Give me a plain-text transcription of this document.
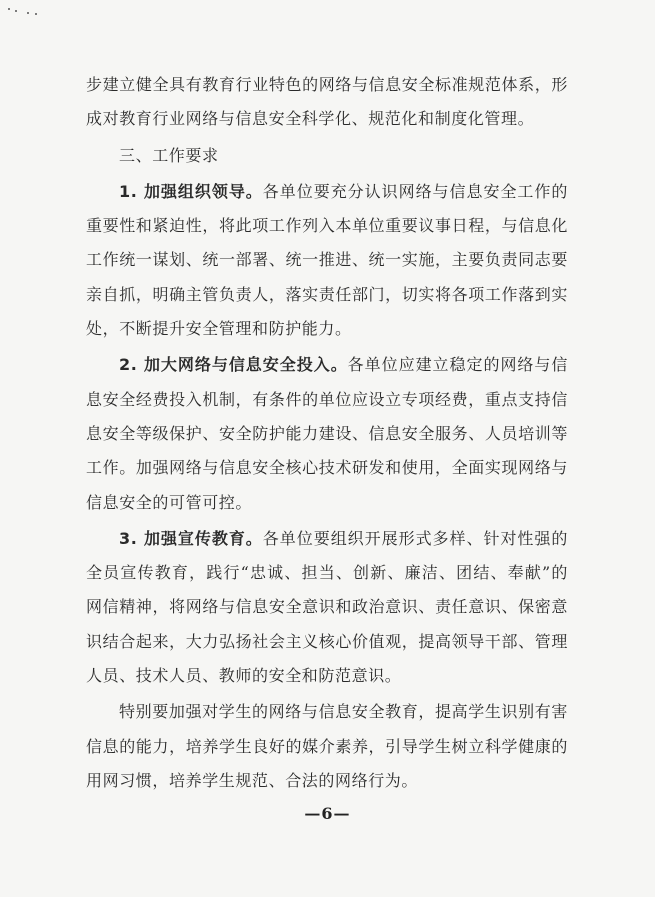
步建立健全具有教育行业特色的网络与信息安全标准规范体系，形成对教育行业网络与信息安全科学化、规范化和制度化管理。

三、工作要求

1. 加强组织领导。各单位要充分认识网络与信息安全工作的重要性和紧迫性，将此项工作列入本单位重要议事日程，与信息化工作统一谋划、统一部署、统一推进、统一实施，主要负责同志要亲自抓，明确主管负责人，落实责任部门，切实将各项工作落到实处，不断提升安全管理和防护能力。

2. 加大网络与信息安全投入。各单位应建立稳定的网络与信息安全经费投入机制，有条件的单位应设立专项经费，重点支持信息安全等级保护、安全防护能力建设、信息安全服务、人员培训等工作。加强网络与信息安全核心技术研发和使用，全面实现网络与信息安全的可管可控。

3. 加强宣传教育。各单位要组织开展形式多样、针对性强的全员宣传教育，践行“忠诚、担当、创新、廉洁、团结、奉献”的网信精神，将网络与信息安全意识和政治意识、责任意识、保密意识结合起来，大力弘扬社会主义核心价值观，提高领导干部、管理人员、技术人员、教师的安全和防范意识。

特别要加强对学生的网络与信息安全教育，提高学生识别有害信息的能力，培养学生良好的媒介素养，引导学生树立科学健康的用网习惯，培养学生规范、合法的网络行为。

—6—
